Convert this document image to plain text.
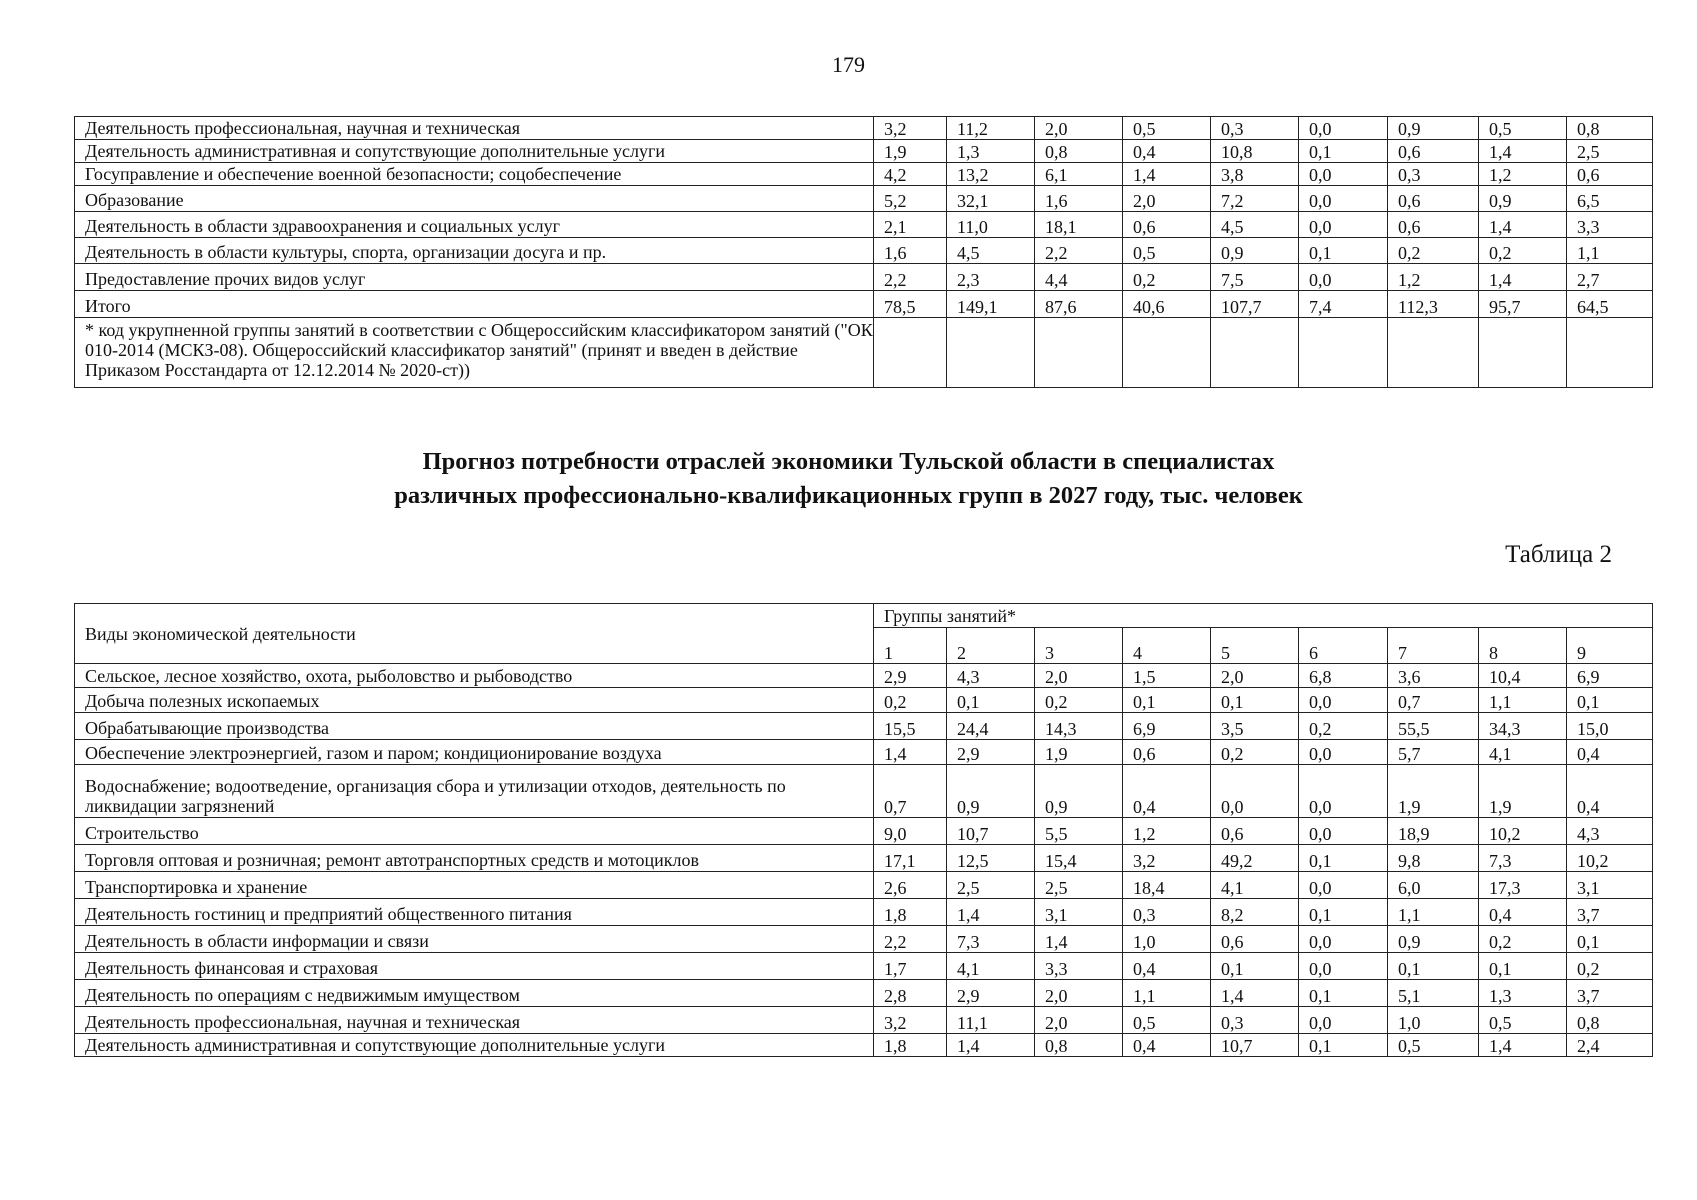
179
Деятельность профессиональная, научная и техническая	3,2	11,2	2,0	0,5	0,3	0,0	0,9	0,5	0,8
Деятельность административная и сопутствующие дополнительные услуги	1,9	1,3	0,8	0,4	10,8	0,1	0,6	1,4	2,5
Госуправление и обеспечение военной безопасности; соцобеспечение	4,2	13,2	6,1	1,4	3,8	0,0	0,3	1,2	0,6
Образование	5,2	32,1	1,6	2,0	7,2	0,0	0,6	0,9	6,5
Деятельность в области здравоохранения и социальных услуг	2,1	11,0	18,1	0,6	4,5	0,0	0,6	1,4	3,3
Деятельность в области культуры, спорта, организации досуга и пр.	1,6	4,5	2,2	0,5	0,9	0,1	0,2	0,2	1,1
Предоставление прочих видов услуг	2,2	2,3	4,4	0,2	7,5	0,0	1,2	1,4	2,7
Итого	78,5	149,1	87,6	40,6	107,7	7,4	112,3	95,7	64,5
* код укрупненной группы занятий в соответствии с Общероссийским классификатором занятий ("ОК 010-2014 (МСКЗ-08). Общероссийский классификатор занятий" (принят и введен в действие Приказом Росстандарта от 12.12.2014 № 2020-ст))									
Прогноз потребности отраслей экономики Тульской области в специалистах
различных профессионально-квалификационных групп в 2027 году, тыс. человек
Таблица 2
Виды экономической деятельности	Группы занятий*								
	1	2	3	4	5	6	7	8	9
Сельское, лесное хозяйство, охота, рыболовство и рыбоводство	2,9	4,3	2,0	1,5	2,0	6,8	3,6	10,4	6,9
Добыча полезных ископаемых	0,2	0,1	0,2	0,1	0,1	0,0	0,7	1,1	0,1
Обрабатывающие производства	15,5	24,4	14,3	6,9	3,5	0,2	55,5	34,3	15,0
Обеспечение электроэнергией, газом и паром; кондиционирование воздуха	1,4	2,9	1,9	0,6	0,2	0,0	5,7	4,1	0,4
Водоснабжение; водоотведение, организация сбора и утилизации отходов, деятельность по ликвидации загрязнений	0,7	0,9	0,9	0,4	0,0	0,0	1,9	1,9	0,4
Строительство	9,0	10,7	5,5	1,2	0,6	0,0	18,9	10,2	4,3
Торговля оптовая и розничная; ремонт автотранспортных средств и мотоциклов	17,1	12,5	15,4	3,2	49,2	0,1	9,8	7,3	10,2
Транспортировка и хранение	2,6	2,5	2,5	18,4	4,1	0,0	6,0	17,3	3,1
Деятельность гостиниц и предприятий общественного питания	1,8	1,4	3,1	0,3	8,2	0,1	1,1	0,4	3,7
Деятельность в области информации и связи	2,2	7,3	1,4	1,0	0,6	0,0	0,9	0,2	0,1
Деятельность финансовая и страховая	1,7	4,1	3,3	0,4	0,1	0,0	0,1	0,1	0,2
Деятельность по операциям с недвижимым имуществом	2,8	2,9	2,0	1,1	1,4	0,1	5,1	1,3	3,7
Деятельность профессиональная, научная и техническая	3,2	11,1	2,0	0,5	0,3	0,0	1,0	0,5	0,8
Деятельность административная и сопутствующие дополнительные услуги	1,8	1,4	0,8	0,4	10,7	0,1	0,5	1,4	2,4
